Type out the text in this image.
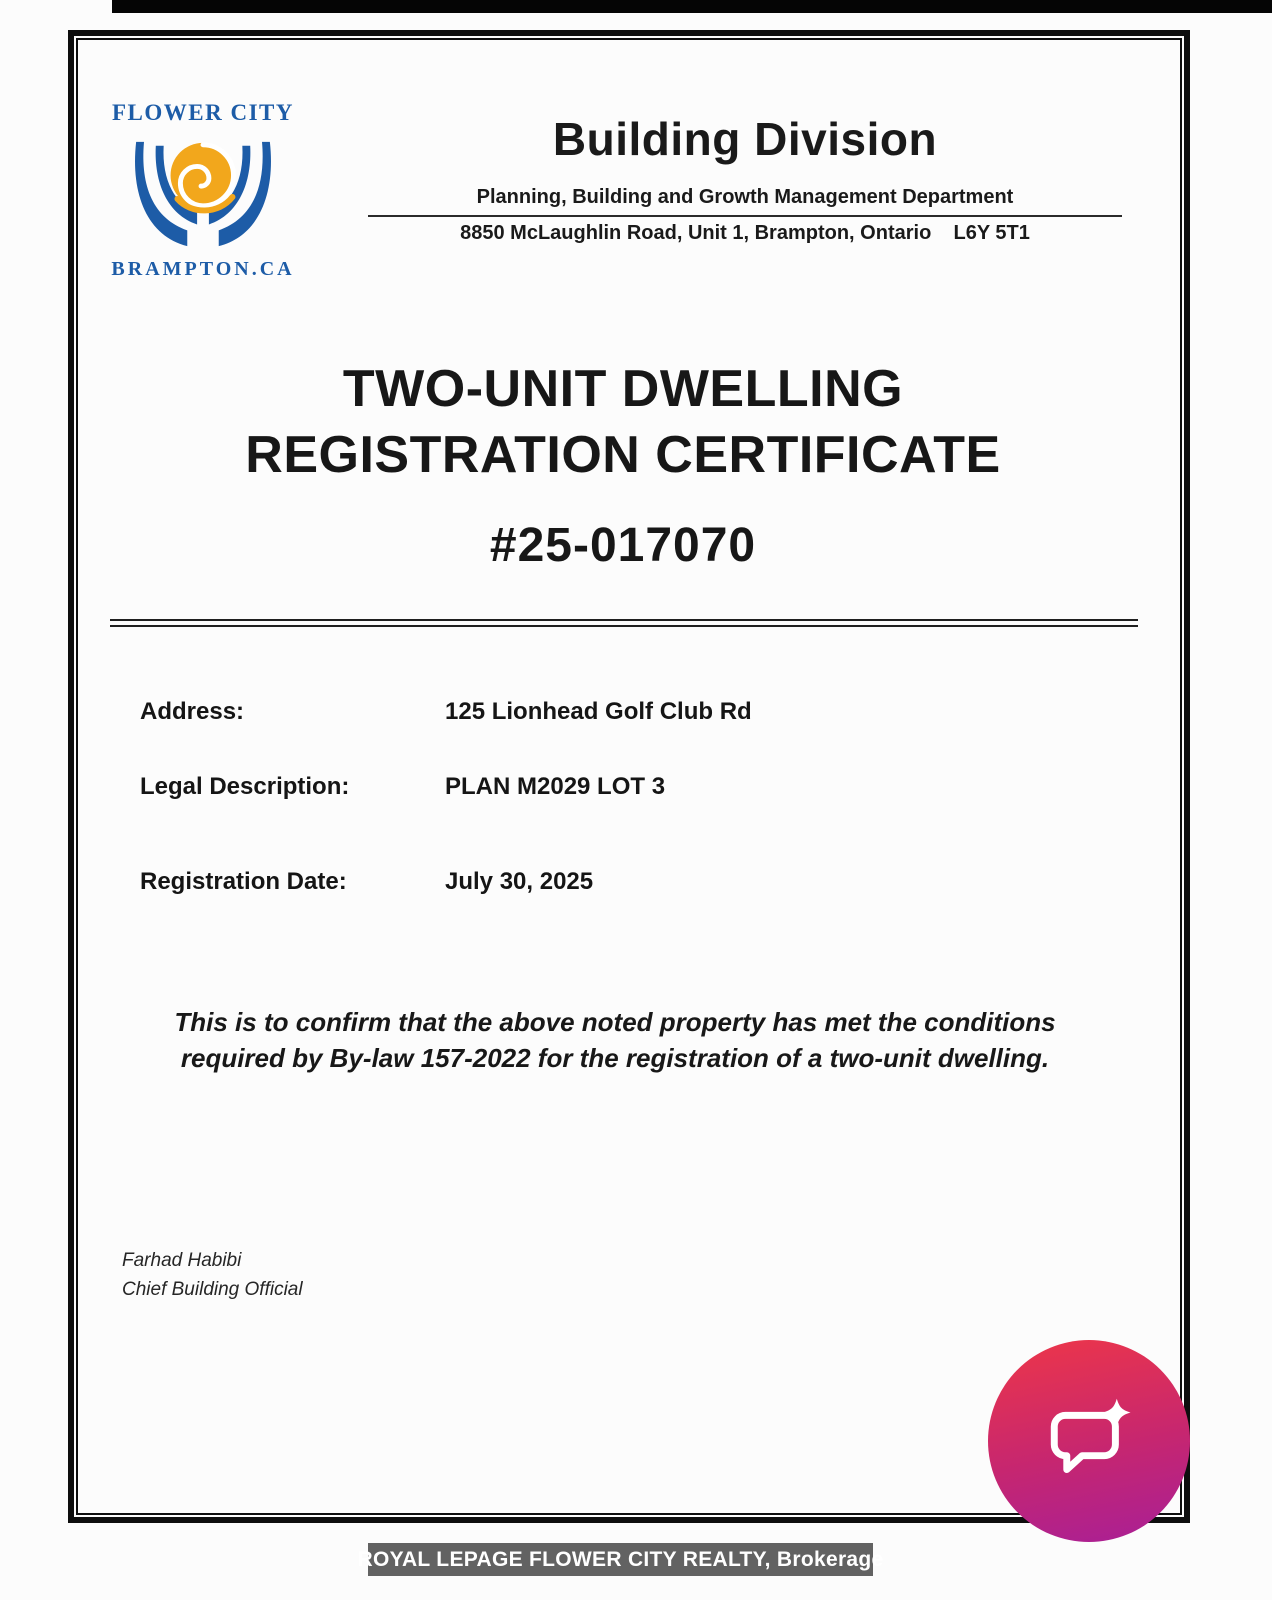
FLOWER CITY
BRAMPTON.CA
Building Division
Planning, Building and Growth Management Department
8850 McLaughlin Road, Unit 1, Brampton, Ontario    L6Y 5T1
TWO-UNIT DWELLING
REGISTRATION CERTIFICATE
#25-017070
Address:	125 Lionhead Golf Club Rd
Legal Description:	PLAN M2029 LOT 3
Registration Date:	July 30, 2025
This is to confirm that the above noted property has met the conditions
required by By-law 157-2022 for the registration of a two-unit dwelling.
Farhad Habibi
Chief Building Official
ROYAL LEPAGE FLOWER CITY REALTY, Brokerage
